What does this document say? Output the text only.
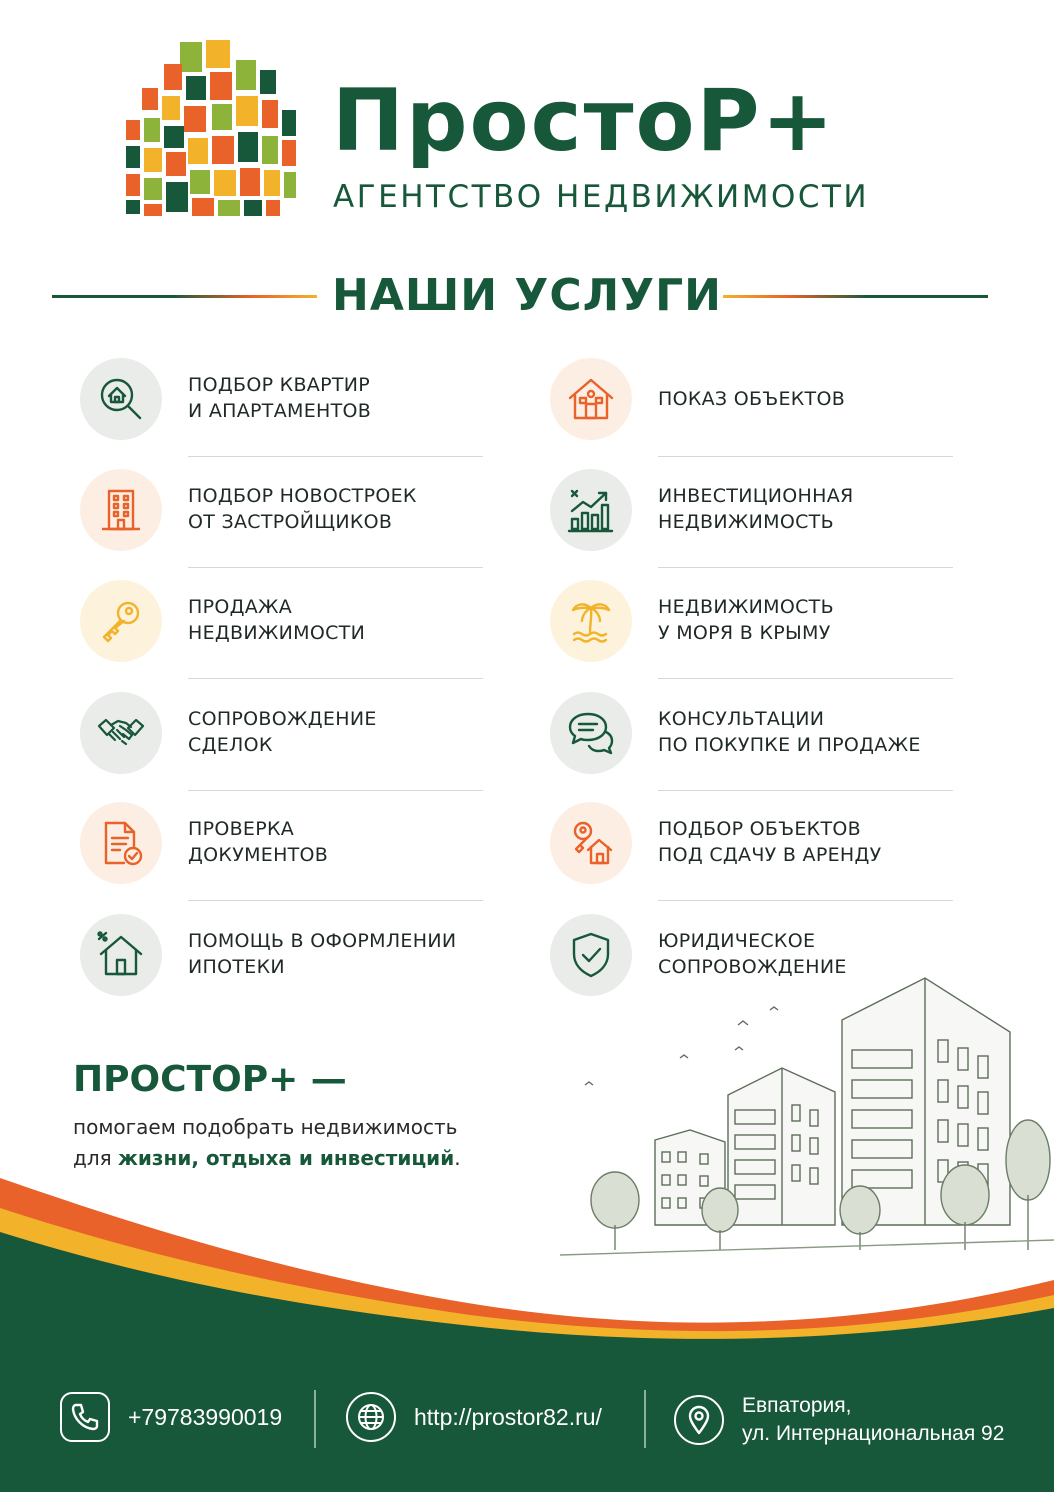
ПростоР+
АГЕНТСТВО НЕДВИЖИМОСТИ
НАШИ УСЛУГИ
ПОДБОР КВАРТИР
И АПАРТАМЕНТОВ
ПОДБОР НОВОСТРОЕК
ОТ ЗАСТРОЙЩИКОВ
ПРОДАЖА
НЕДВИЖИМОСТИ
СОПРОВОЖДЕНИЕ
СДЕЛОК
ПРОВЕРКА
ДОКУМЕНТОВ
ПОМОЩЬ В ОФОРМЛЕНИИ
ИПОТЕКИ
ПОКАЗ ОБЪЕКТОВ
ИНВЕСТИЦИОННАЯ
НЕДВИЖИМОСТЬ
НЕДВИЖИМОСТЬ
У МОРЯ В КРЫМУ
КОНСУЛЬТАЦИИ
ПО ПОКУПКЕ И ПРОДАЖЕ
ПОДБОР ОБЪЕКТОВ
ПОД СДАЧУ В АРЕНДУ
ЮРИДИЧЕСКОЕ
СОПРОВОЖДЕНИЕ
ПРОСТОР+ —
помогаем подобрать недвижимость
для жизни, отдыха и инвестиций.
+79783990019	http://prostor82.ru/	Евпатория,
ул. Интернациональная 92
